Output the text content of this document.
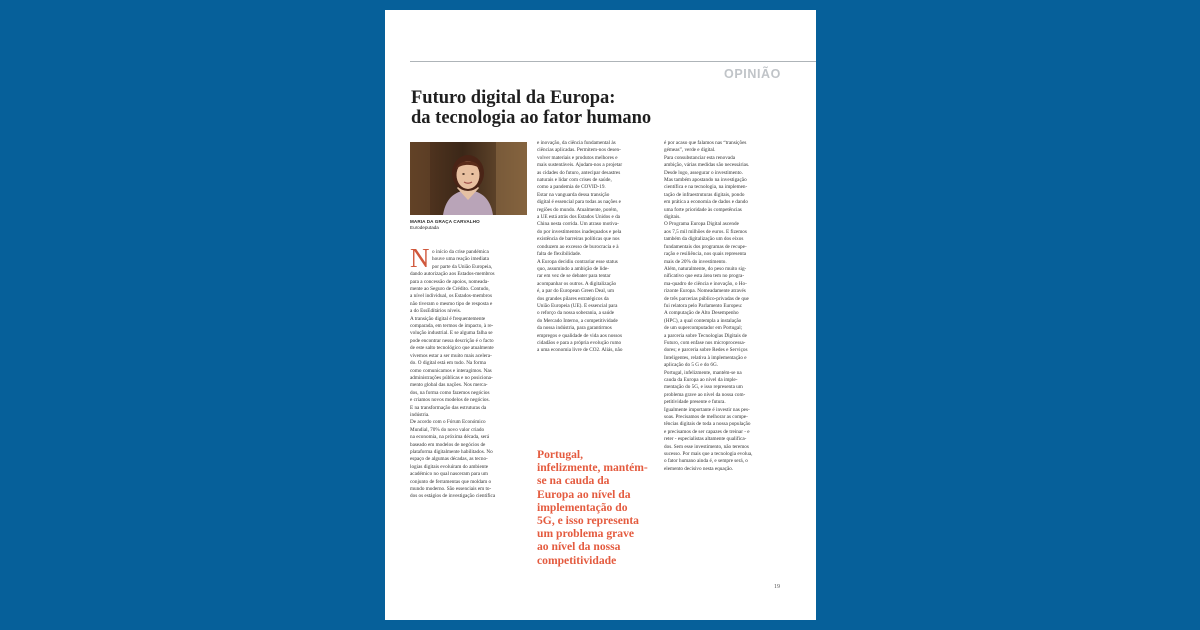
OPINIÃO
Futuro digital da Europa:
da tecnologia ao fator humano
MARIA DA GRAÇA CARVALHO
Eurodeputada
N o início da crise pandémica
houve uma reação imediata
por parte da União Europeia,
dando autorização aos Estados-membros
para a concessão de apoios, nomeada-
mente ao Seguro de Crédito. Contudo,
a nível individual, os Estados-membros
não tiveram o mesmo tipo de resposta e
a do EssEdítários níveis.
A transição digital é frequentemente
comparada, em termos de impacto, à re-
volução industrial. E se alguma falha se
pode encontrar nessa descrição é o facto
de este salto tecnológico que atualmente
vivemos estar a ser muito mais acelera-
do. O digital está em tudo. Na forma
como comunicamos e interagimos. Nas
administrações públicas e no posiciona-
mento global das nações. Nos merca-
dos, na forma como fazemos negócios
e criamos novos modelos de negócios.
E na transformação das estruturas da
indústria.
De acordo com o Fórum Económico
Mundial, 70% do novo valor criado
na economia, na próxima década, será
baseado em modelos de negócios de
plataforma digitalmente habilitados. No
espaço de algumas décadas, as tecno-
logias digitais evoluíram do ambiente
académico no qual nasceram para um
conjunto de ferramentas que moldam o
mundo moderno. São essenciais em to-
dos os estágios de investigação científica
e inovação, da ciência fundamental às
ciências aplicadas. Permitem-nos desen-
volver materiais e produtos melhores e
mais sustentáveis. Ajudam-nos a projetar
as cidades do futuro, antecipar desastres
naturais e lidar com crises de saúde,
como a pandemia de COVID-19.
Estar na vanguarda dessa transição
digital é essencial para todas as nações e
regiões do mundo. Atualmente, porém,
a UE está atrás dos Estados Unidos e da
China nesta corrida. Um atraso motiva-
do por investimentos inadequados e pela
existência de barreiras políticas que nos
conduzem ao excesso de burocracia e à
falta de flexibilidade.
A Europa decidiu contrariar esse status
quo, assumindo a ambição de lide-
rar em vez de se debater para tentar
acompanhar os outros. A digitalização
é, a par do European Green Deal, um
dos grandes pilares estratégicos da
União Europeia (UE). É essencial para
o reforço da nossa soberania, a saúde
do Mercado Interno, a competitividade
da nossa indústria, para garantirmos
empregos e qualidade de vida aos nossos
cidadãos e para a própria evolução rumo
a uma economia livre de CO2. Aliás, não
é por acaso que falamos nas “transições
gémeas”, verde e digital.
Para consubstanciar esta renovada
ambição, várias medidas são necessárias.
Desde logo, assegurar o investimento.
Mas também apostando na investigação
científica e na tecnologia, na implemen-
tação de infraestruturas digitais, pondo
em prática a economia de dados e dando
uma forte prioridade às competências
digitais.
O Programa Europa Digital ascende
aos 7,5 mil milhões de euros. E fizemos
também da digitalização um dos eixos
fundamentais dos programas de recupe-
ração e resiliência, nos quais representa
mais de 20% do investimento.
Além, naturalmente, do peso muito sig-
nificativo que esta área tem no progra-
ma-quadro de ciência e inovação, o Ho-
rizonte Europa. Nomeadamente através
de três parcerias público-privadas de que
fui relatora pelo Parlamento Europeu:
A computação de Alto Desempenho
(HPC), a qual contempla a instalação
de um supercomputador em Portugal;
a parceria sobre Tecnologias Digitais de
Futuro, com enfase nos microprocessa-
dores; e parceria sobre Redes e Serviços
Inteligentes, relativa à implementação e
aplicação do 5 G e do 6G.
Portugal, infelizmente, mantém-se na
cauda da Europa ao nível da imple-
mentação do 5G, e isso representa um
problema grave ao nível da nossa com-
petitividade presente e futura.
Igualmente importante é investir nas pes-
soas. Precisamos de melhorar as compe-
tências digitais de toda a nossa população
e precisamos de ser capazes de treinar - e
reter - especialistas altamente qualifica-
dos. Sem esse investimento, não teremos
sucesso. Por mais que a tecnologia evolua,
o fator humano ainda é, e sempre será, o
elemento decisivo nesta equação.
Portugal,
infelizmente, mantém-
se na cauda da
Europa ao nível da
implementação do
5G, e isso representa
um problema grave
ao nível da nossa
competitividade
19
